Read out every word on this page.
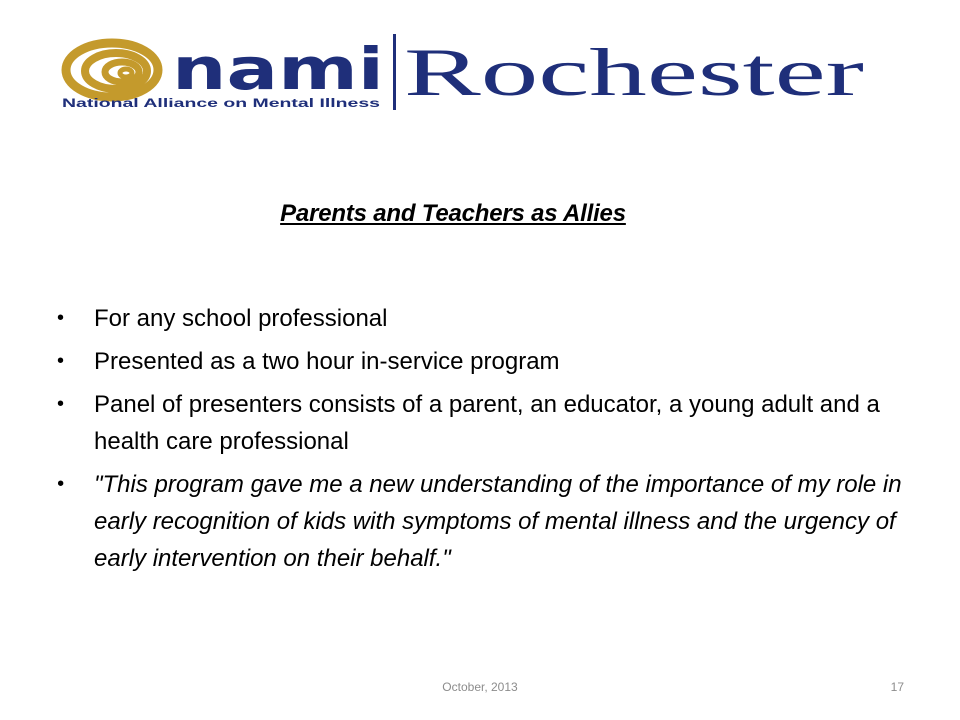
nami
National Alliance on Mental Illness Rochester
Parents and Teachers as Allies
• For any school professional
• Presented as a two hour in-service program
• Panel of presenters consists of a parent, an educator, a young adult and a health care professional
• "This program gave me a new understanding of the importance of my role in early recognition of kids with symptoms of mental illness and the urgency of early intervention on their behalf."
October, 2013	17
